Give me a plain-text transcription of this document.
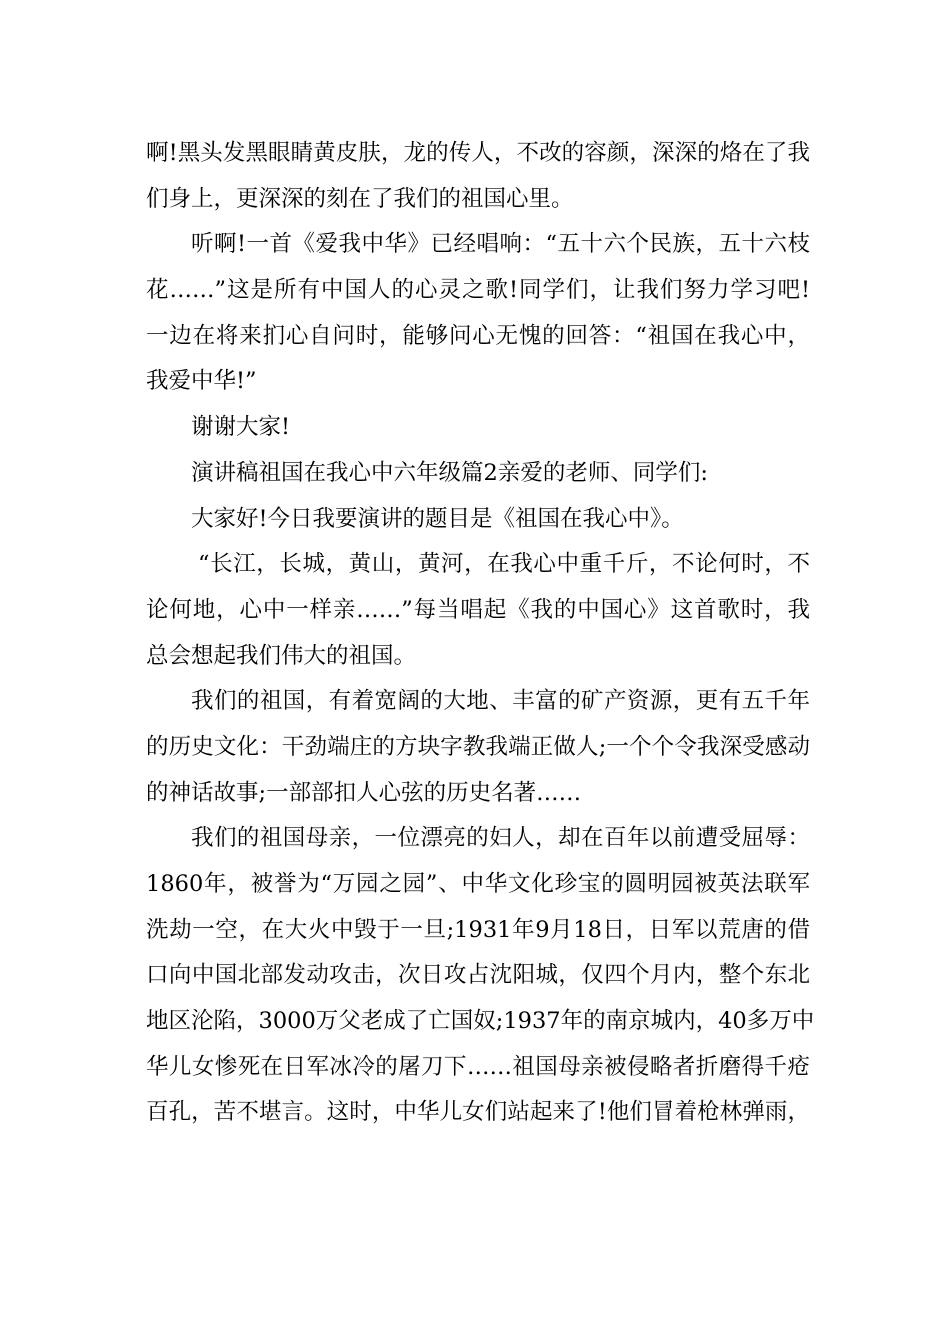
啊!黑头发黑眼睛黄皮肤，龙的传人，不改的容颜，深深的烙在了我
们身上，更深深的刻在了我们的祖国心里。
听啊!一首《爱我中华》已经唱响：“五十六个民族，五十六枝
花……”这是所有中国人的心灵之歌!同学们，让我们努力学习吧!
一边在将来扪心自问时，能够问心无愧的回答：“祖国在我心中，
我爱中华!”
谢谢大家!
演讲稿祖国在我心中六年级篇2亲爱的老师、同学们:
大家好!今日我要演讲的题目是《祖国在我心中》。
“长江，长城，黄山，黄河，在我心中重千斤，不论何时，不
论何地，心中一样亲……”每当唱起《我的中国心》这首歌时，我
总会想起我们伟大的祖国。
我们的祖国，有着宽阔的大地、丰富的矿产资源，更有五千年
的历史文化：干劲端庄的方块字教我端正做人;一个个令我深受感动
的神话故事;一部部扣人心弦的历史名著……
我们的祖国母亲，一位漂亮的妇人，却在百年以前遭受屈辱：
1860年，被誉为“万园之园”、中华文化珍宝的圆明园被英法联军
洗劫一空，在大火中毁于一旦;1931年9月18日，日军以荒唐的借
口向中国北部发动攻击，次日攻占沈阳城，仅四个月内，整个东北
地区沦陷，3000万父老成了亡国奴;1937年的南京城内，40多万中
华儿女惨死在日军冰冷的屠刀下……祖国母亲被侵略者折磨得千疮
百孔，苦不堪言。这时，中华儿女们站起来了!他们冒着枪林弹雨，
